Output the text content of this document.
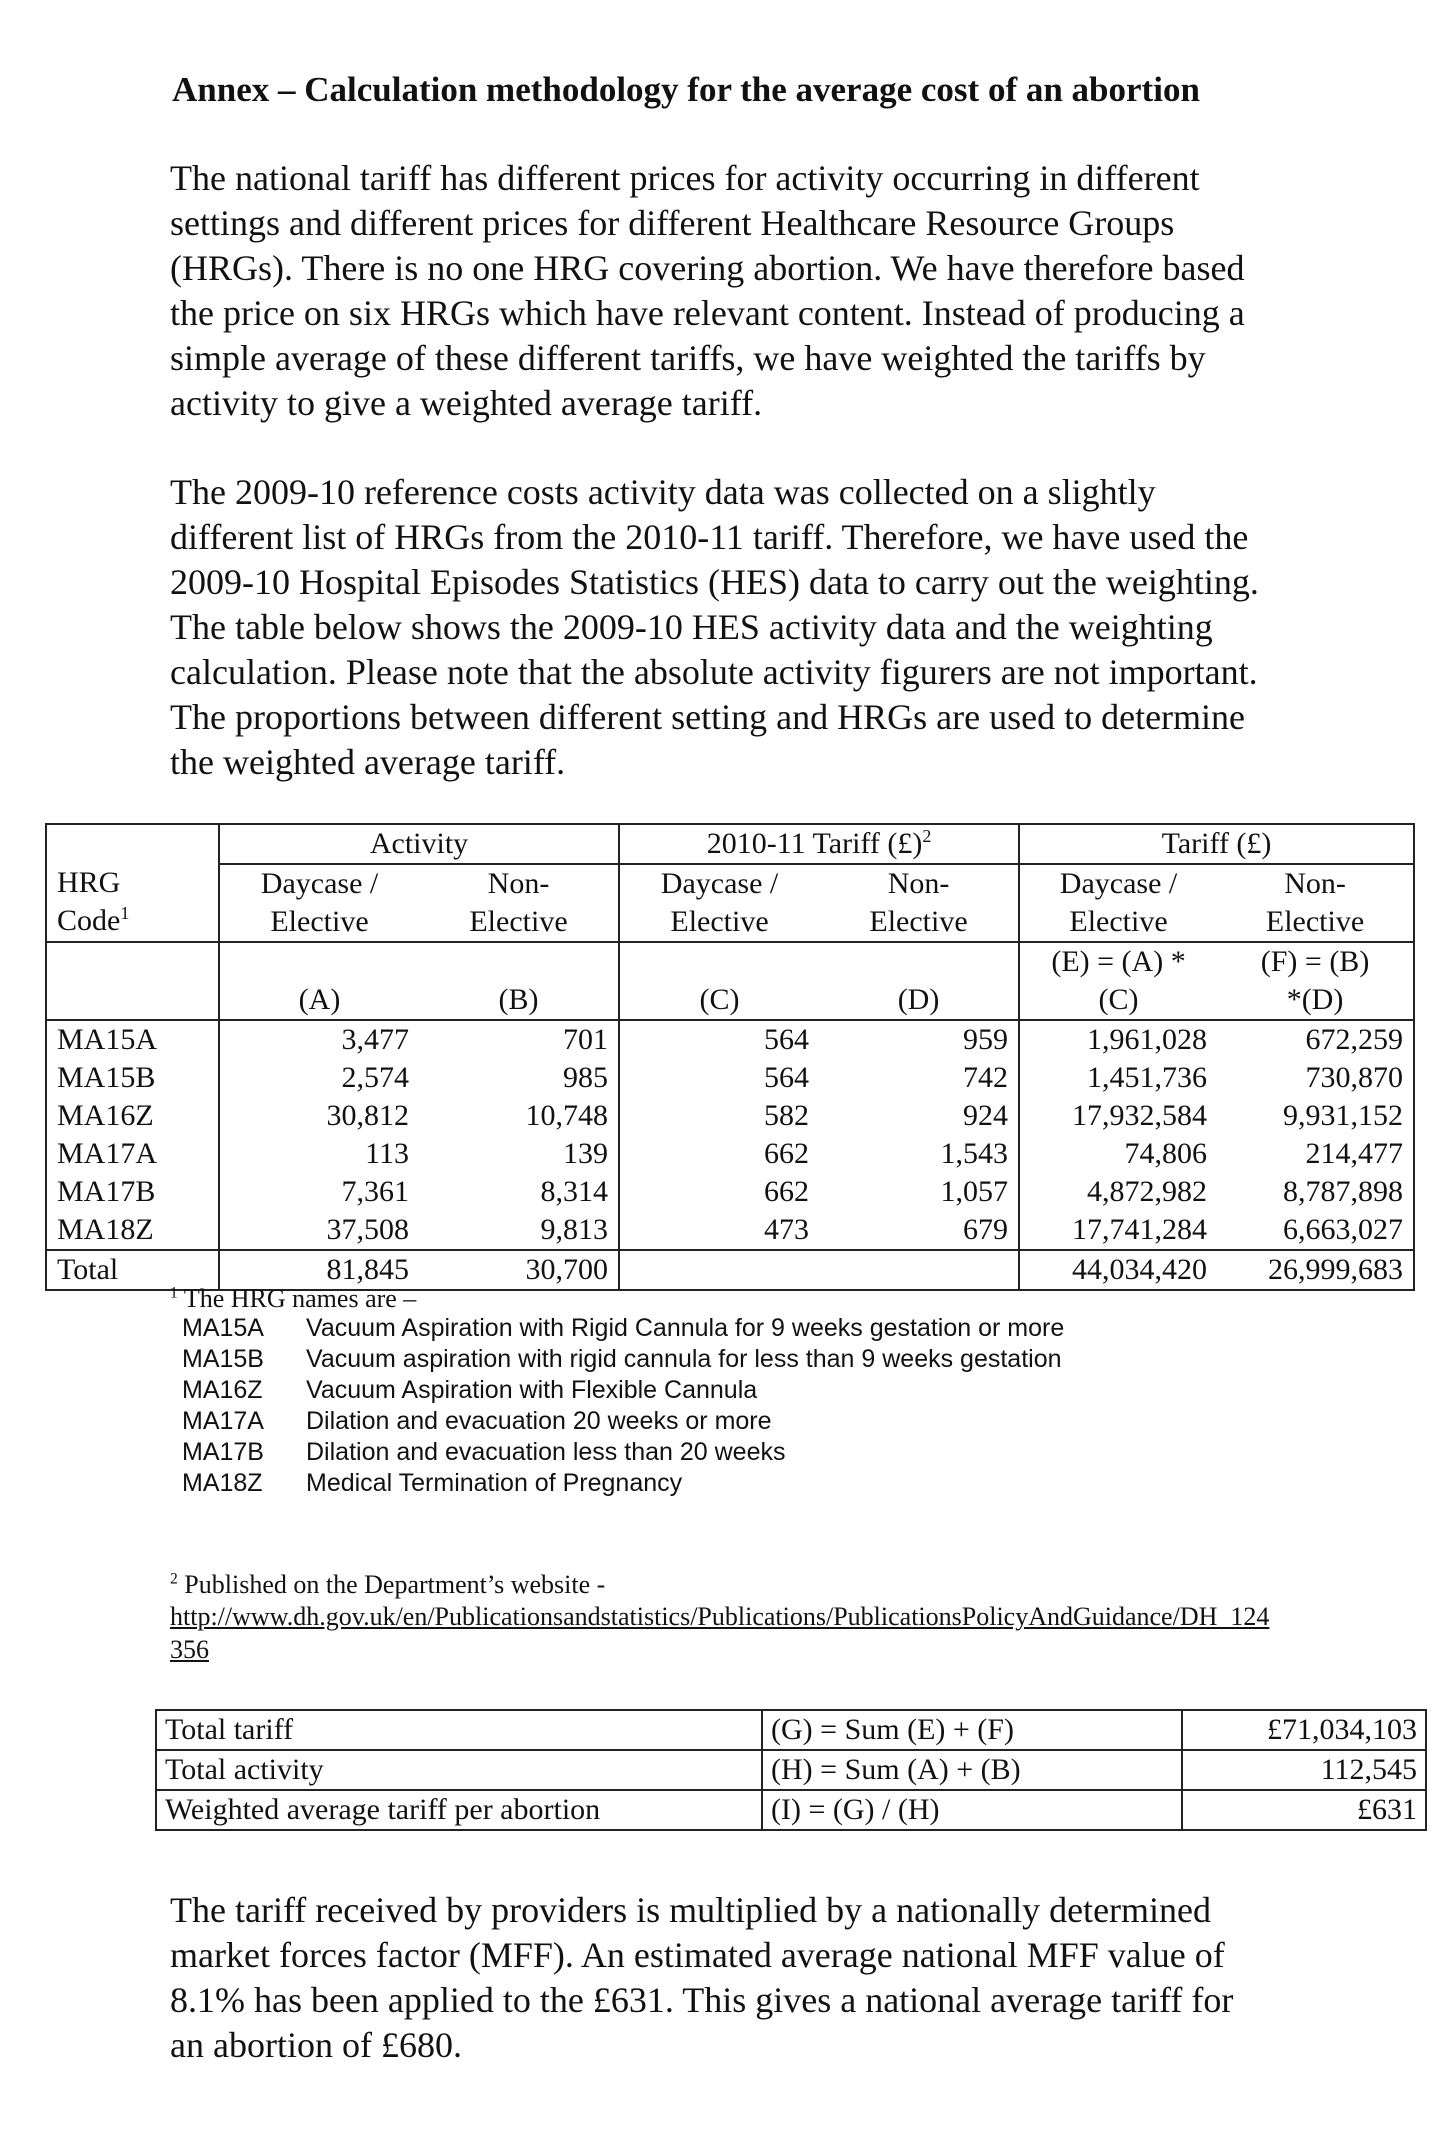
Annex – Calculation methodology for the average cost of an abortion
The national tariff has different prices for activity occurring in different
settings and different prices for different Healthcare Resource Groups
(HRGs). There is no one HRG covering abortion. We have therefore based
the price on six HRGs which have relevant content. Instead of producing a
simple average of these different tariffs, we have weighted the tariffs by
activity to give a weighted average tariff.
The 2009-10 reference costs activity data was collected on a slightly
different list of HRGs from the 2010-11 tariff. Therefore, we have used the
2009-10 Hospital Episodes Statistics (HES) data to carry out the weighting.
The table below shows the 2009-10 HES activity data and the weighting
calculation. Please note that the absolute activity figurers are not important.
The proportions between different setting and HRGs are used to determine
the weighted average tariff.
	Activity		2010-11 Tariff (£)$^2$		Tariff (£)	
HRG
Code$^1$	Daycase /
Elective	Non-
Elective	Daycase /
Elective	Non-
Elective	Daycase /
Elective	Non-
Elective

(A)	(B)	(C)	(D)	(E) = (A) *
(C)	(F) = (B)
*(D)
MA15A	3,477	701	564	959	1,961,028	672,259
MA15B	2,574	985	564	742	1,451,736	730,870
MA16Z	30,812	10,748	582	924	17,932,584	9,931,152
MA17A	113	139	662	1,543	74,806	214,477
MA17B	7,361	8,314	662	1,057	4,872,982	8,787,898
MA18Z	37,508	9,813	473	679	17,741,284	6,663,027
Total	81,845	30,700			44,034,420	26,999,683
$^1$ The HRG names are –
MA15A	Vacuum Aspiration with Rigid Cannula for 9 weeks gestation or more
MA15B	Vacuum aspiration with rigid cannula for less than 9 weeks gestation
MA16Z	Vacuum Aspiration with Flexible Cannula
MA17A	Dilation and evacuation 20 weeks or more
MA17B	Dilation and evacuation less than 20 weeks
MA18Z	Medical Termination of Pregnancy
$^2$ Published on the Department’s website -
http://www.dh.gov.uk/en/Publicationsandstatistics/Publications/PublicationsPolicyAndGuidance/DH_124
356
Total tariff	(G) = Sum (E) + (F)	£71,034,103
Total activity	(H) = Sum (A) + (B)	112,545
Weighted average tariff per abortion	(I) = (G) / (H)	£631
The tariff received by providers is multiplied by a nationally determined
market forces factor (MFF). An estimated average national MFF value of
8.1% has been applied to the £631. This gives a national average tariff for
an abortion of £680.
